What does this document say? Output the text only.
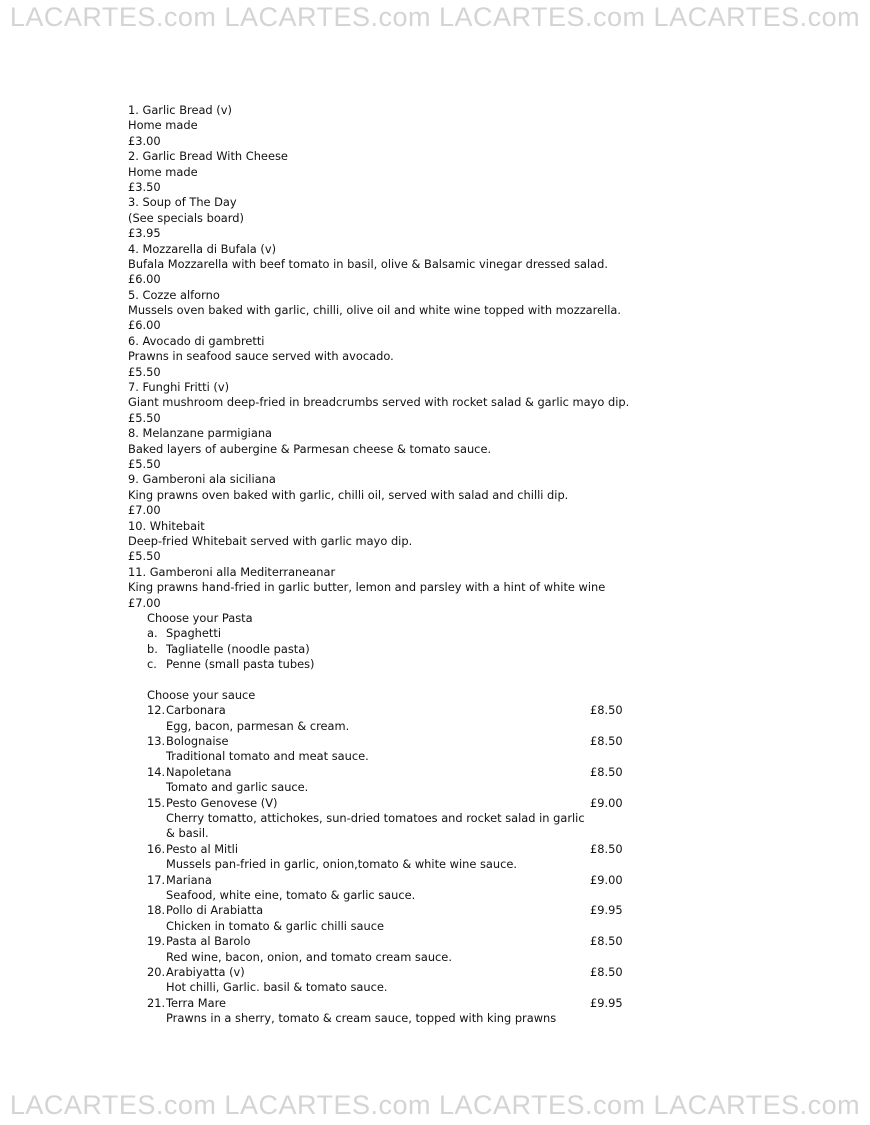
LACARTES.com LACARTES.com LACARTES.com LACARTES.com
1. Garlic Bread (v)
Home made
£3.00
2. Garlic Bread With Cheese
Home made
£3.50
3. Soup of The Day
(See specials board)
£3.95
4. Mozzarella di Bufala (v)
Bufala Mozzarella with beef tomato in basil, olive & Balsamic vinegar dressed salad.
£6.00
5. Cozze alforno
Mussels oven baked with garlic, chilli, olive oil and white wine topped with mozzarella.
£6.00
6. Avocado di gambretti
Prawns in seafood sauce served with avocado.
£5.50
7. Funghi Fritti (v)
Giant mushroom deep-fried in breadcrumbs served with rocket salad & garlic mayo dip.
£5.50
8. Melanzane parmigiana
Baked layers of aubergine & Parmesan cheese & tomato sauce.
£5.50
9. Gamberoni ala siciliana
King prawns oven baked with garlic, chilli oil, served with salad and chilli dip.
£7.00
10. Whitebait
Deep-fried Whitebait served with garlic mayo dip.
£5.50
11. Gamberoni alla Mediterraneanar
King prawns hand-fried in garlic butter, lemon and parsley with a hint of white wine
£7.00
Choose your Pasta
a. Spaghetti
b. Tagliatelle (noodle pasta)
c. Penne (small pasta tubes)
Choose your sauce
12. Carbonara	£8.50
Egg, bacon, parmesan & cream.
13. Bolognaise	£8.50
Traditional tomato and meat sauce.
14. Napoletana	£8.50
Tomato and garlic sauce.
15. Pesto Genovese (V)	£9.00
Cherry tomatto, attichokes, sun-dried tomatoes and rocket salad in garlic & basil.
16. Pesto al Mitli	£8.50
Mussels pan-fried in garlic, onion,tomato & white wine sauce.
17. Mariana	£9.00
Seafood, white eine, tomato & garlic sauce.
18. Pollo di Arabiatta	£9.95
Chicken in tomato & garlic chilli sauce
19. Pasta al Barolo	£8.50
Red wine, bacon, onion, and tomato cream sauce.
20. Arabiyatta (v)	£8.50
Hot chilli, Garlic. basil & tomato sauce.
21. Terra Mare	£9.95
Prawns in a sherry, tomato & cream sauce, topped with king prawns
LACARTES.com LACARTES.com LACARTES.com LACARTES.com
